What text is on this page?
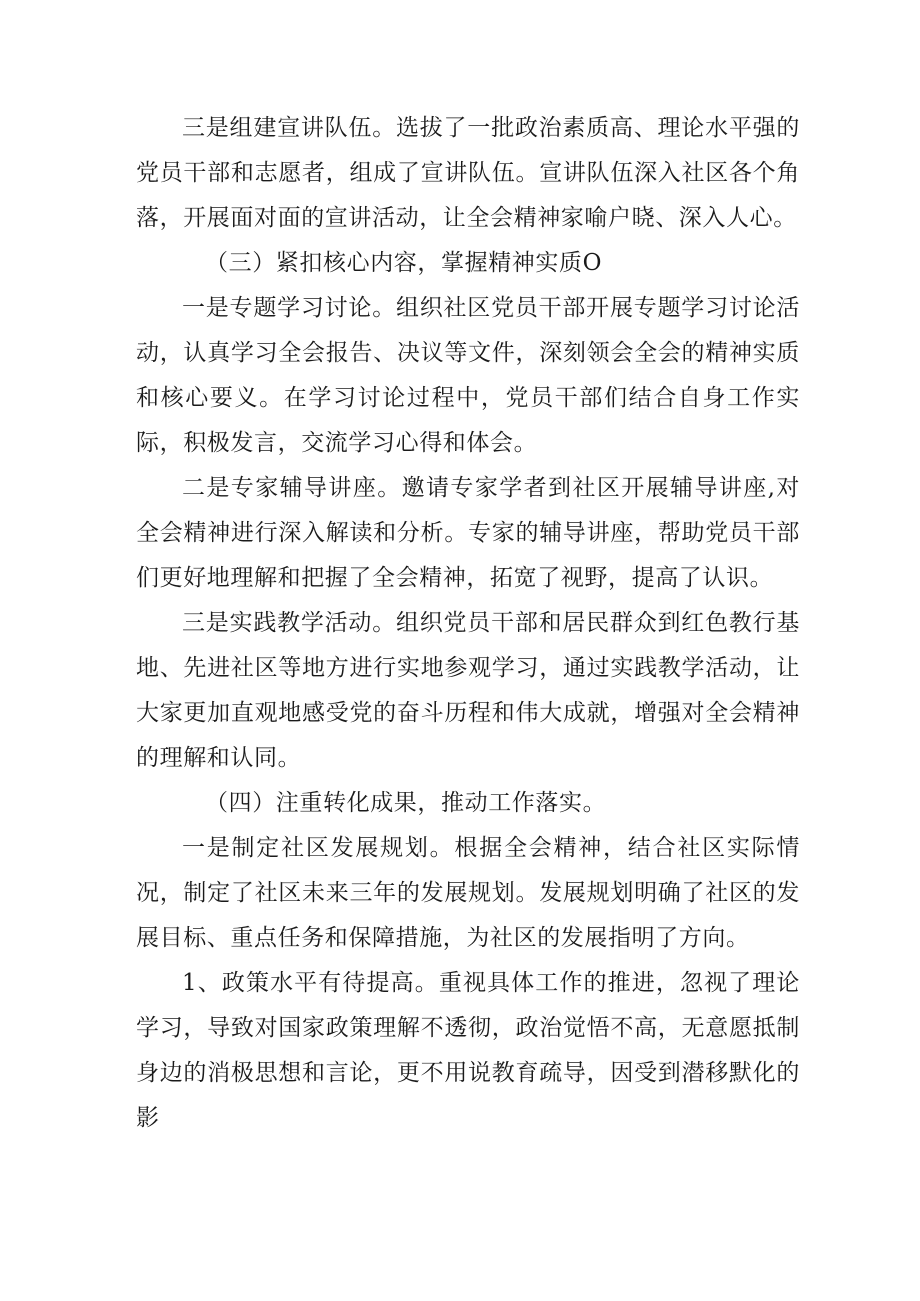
三是组建宣讲队伍。选拔了一批政治素质高、理论水平强的党员干部和志愿者，组成了宣讲队伍。宣讲队伍深入社区各个角落，开展面对面的宣讲活动，让全会精神家喻户晓、深入人心。

（三）紧扣核心内容，掌握精神实质O

一是专题学习讨论。组织社区党员干部开展专题学习讨论活动，认真学习全会报告、决议等文件，深刻领会全会的精神实质和核心要义。在学习讨论过程中，党员干部们结合自身工作实际，积极发言，交流学习心得和体会。

二是专家辅导讲座。邀请专家学者到社区开展辅导讲座,对全会精神进行深入解读和分析。专家的辅导讲座，帮助党员干部们更好地理解和把握了全会精神，拓宽了视野，提高了认识。

三是实践教学活动。组织党员干部和居民群众到红色教行基地、先进社区等地方进行实地参观学习，通过实践教学活动，让大家更加直观地感受党的奋斗历程和伟大成就，增强对全会精神的理解和认同。

（四）注重转化成果，推动工作落实。

一是制定社区发展规划。根据全会精神，结合社区实际情况，制定了社区未来三年的发展规划。发展规划明确了社区的发展目标、重点任务和保障措施，为社区的发展指明了方向。

1、政策水平有待提高。重视具体工作的推进，忽视了理论学习，导致对国家政策理解不透彻，政治觉悟不高，无意愿抵制身边的消极思想和言论，更不用说教育疏导，因受到潜移默化的影
